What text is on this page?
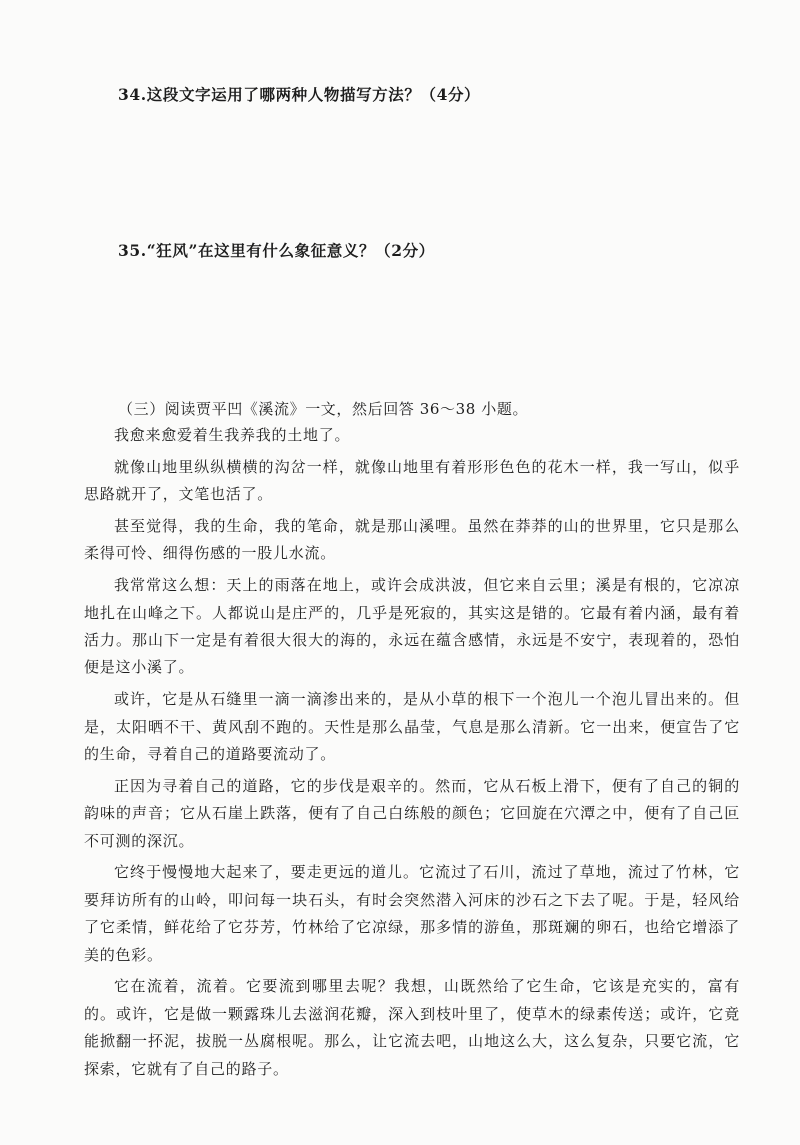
34.这段文字运用了哪两种人物描写方法？（4分）
35.“狂风”在这里有什么象征意义？（2分）
（三）阅读贾平凹《溪流》一文，然后回答 36～38 小题。

我愈来愈爱着生我养我的土地了。

就像山地里纵纵横横的沟岔一样，就像山地里有着形形色色的花木一样，我一写山，似乎思路就开了，文笔也活了。

甚至觉得，我的生命，我的笔命，就是那山溪哩。虽然在莽莽的山的世界里，它只是那么柔得可怜、细得伤感的一股儿水流。

我常常这么想：天上的雨落在地上，或许会成洪波，但它来自云里；溪是有根的，它凉凉地扎在山峰之下。人都说山是庄严的，几乎是死寂的，其实这是错的。它最有着内涵，最有着活力。那山下一定是有着很大很大的海的，永远在蕴含感情，永远是不安宁，表现着的，恐怕便是这小溪了。

或许，它是从石缝里一滴一滴渗出来的，是从小草的根下一个泡儿一个泡儿冒出来的。但是，太阳晒不干、黄风刮不跑的。天性是那么晶莹，气息是那么清新。它一出来，便宣告了它的生命，寻着自己的道路要流动了。

正因为寻着自己的道路，它的步伐是艰辛的。然而，它从石板上滑下，便有了自己的铜的韵味的声音；它从石崖上跌落，便有了自己白练般的颜色；它回旋在穴潭之中，便有了自己叵不可测的深沉。

它终于慢慢地大起来了，要走更远的道儿。它流过了石川，流过了草地，流过了竹林，它要拜访所有的山岭，叩问每一块石头，有时会突然潜入河床的沙石之下去了呢。于是，轻风给了它柔情，鲜花给了它芬芳，竹林给了它凉绿，那多情的游鱼，那斑斓的卵石，也给它增添了美的色彩。

它在流着，流着。它要流到哪里去呢？我想，山既然给了它生命，它该是充实的，富有的。或许，它是做一颗露珠儿去滋润花瓣，深入到枝叶里了，使草木的绿素传送；或许，它竟能掀翻一抔泥，拔脱一丛腐根呢。那么，让它流去吧，山地这么大，这么复杂，只要它流，它探索，它就有了自己的路子。
